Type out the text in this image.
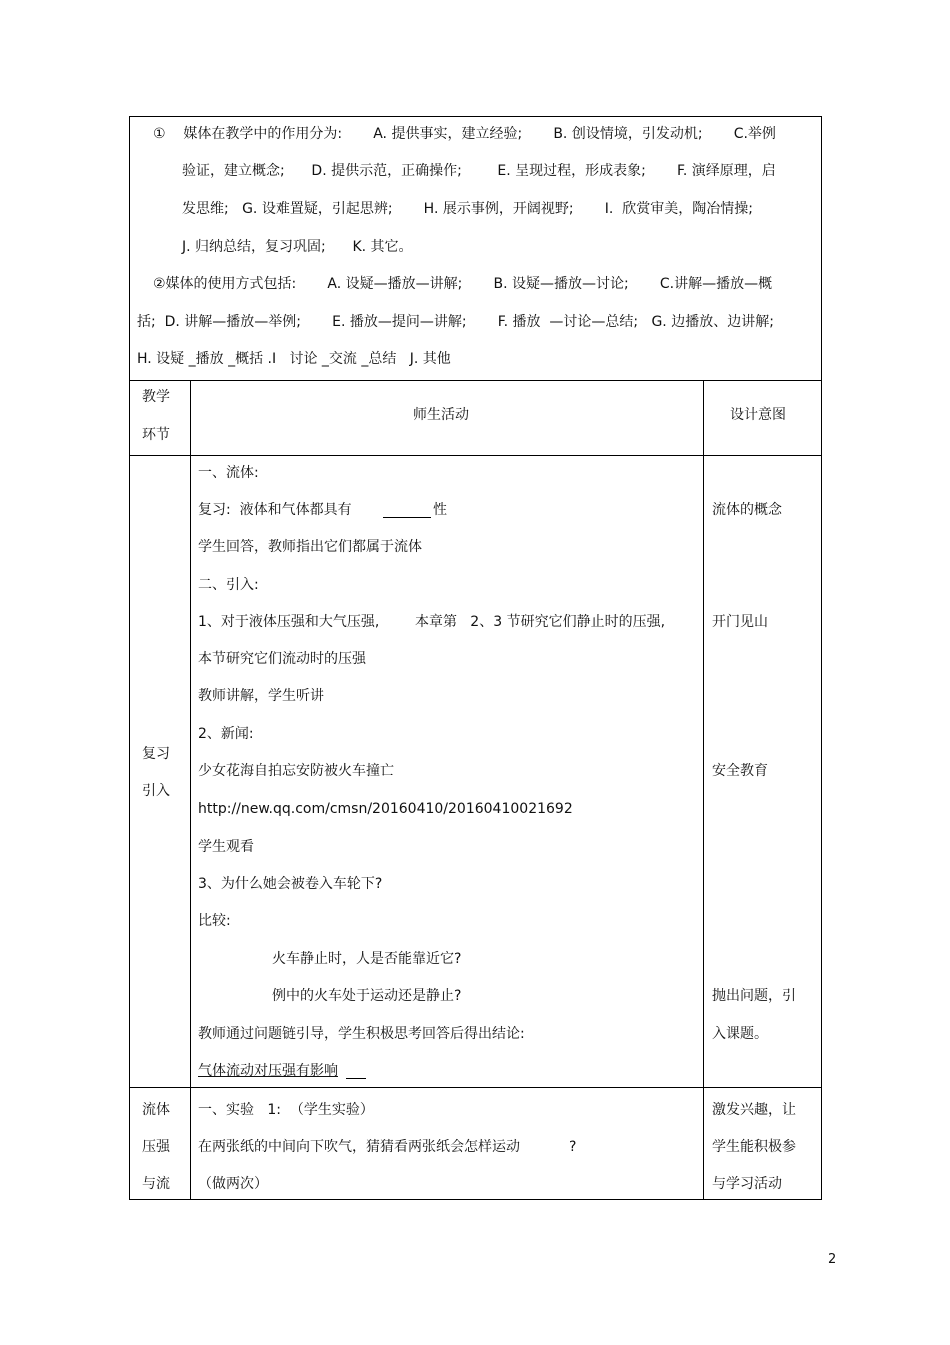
①    媒体在教学中的作用分为:       A. 提供事实，建立经验;       B. 创设情境，引发动机;       C.举例
验证，建立概念;      D. 提供示范，正确操作;        E. 呈现过程，形成表象;       F. 演绎原理，启
发思维;   G. 设难置疑，引起思辨;       H. 展示事例，开阔视野;       I.  欣赏审美，陶冶情操;
J. 归纳总结，复习巩固;      K. 其它。
②媒体的使用方式包括:       A. 设疑—播放—讲解;       B. 设疑—播放—讨论;       C.讲解—播放—概
括;  D. 讲解—播放—举例;       E. 播放—提问—讲解;       F. 播放  —讨论—总结;   G. 边播放、边讲解;
H. 设疑 _播放 _概括 .I   讨论 _交流 _总结   J. 其他
教学
环节
师生活动	设计意图
复习
引入
一、流体:
复习:  液体和气体都具有	性
学生回答，教师指出它们都属于流体
二、引入:
1、对于液体压强和大气压强,        本章第   2、3 节研究它们静止时的压强,
本节研究它们流动时的压强
教师讲解，学生听讲
2、新闻:
少女花海自拍忘安防被火车撞亡
http://new.qq.com/cmsn/20160410/20160410021692
学生观看
3、为什么她会被卷入车轮下?
比较:
火车静止时，人是否能靠近它?
例中的火车处于运动还是静止?
教师通过问题链引导，学生积极思考回答后得出结论:
气体流动对压强有影响
流体的概念
开门见山
安全教育
抛出问题，引
入课题。
流体
压强
与流
一、实验   1:  （学生实验）
在两张纸的中间向下吹气，猜猜看两张纸会怎样运动           ?
（做两次）
激发兴趣，让
学生能积极参
与学习活动
2
